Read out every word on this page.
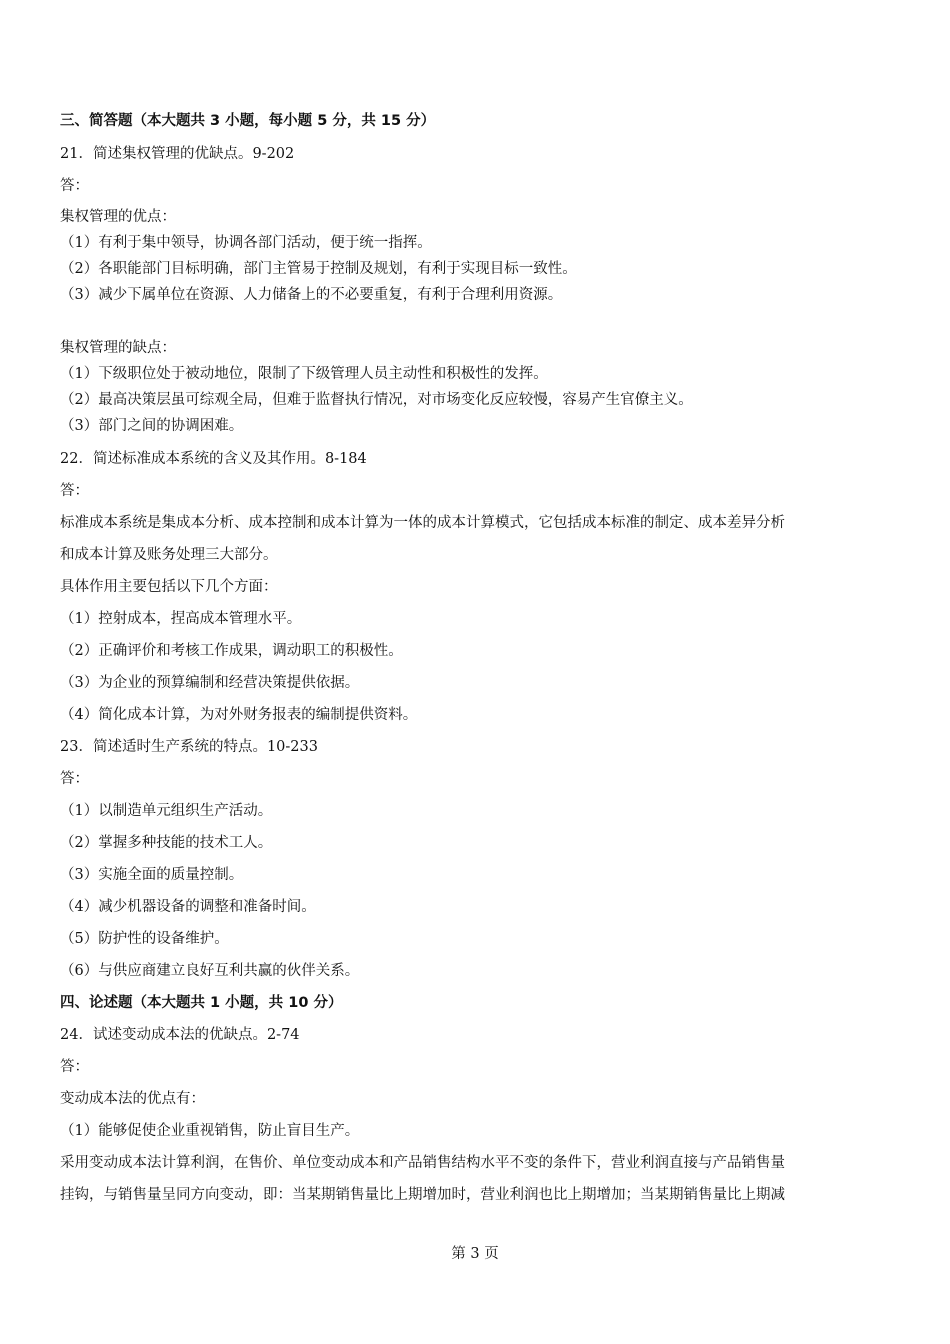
三、简答题（本大题共 3 小题，每小题 5 分，共 15 分）
21．简述集权管理的优缺点。9-202
答：
集权管理的优点：
（1）有利于集中领导，协调各部门活动，便于统一指挥。
（2）各职能部门目标明确，部门主管易于控制及规划，有利于实现目标一致性。
（3）减少下属单位在资源、人力储备上的不必要重复，有利于合理利用资源。
集权管理的缺点：
（1）下级职位处于被动地位，限制了下级管理人员主动性和积极性的发挥。
（2）最高决策层虽可综观全局，但难于监督执行情况，对市场变化反应较慢，容易产生官僚主义。
（3）部门之间的协调困难。
22．简述标准成本系统的含义及其作用。8-184
答：
标准成本系统是集成本分析、成本控制和成本计算为一体的成本计算模式，它包括成本标准的制定、成本差异分析
和成本计算及账务处理三大部分。
具体作用主要包括以下几个方面：
（1）控射成本，捏高成本管理水平。
（2）正确评价和考核工作成果，调动职工的积极性。
（3）为企业的预算编制和经营决策提供依据。
（4）简化成本计算，为对外财务报表的编制提供资料。
23．简述适时生产系统的特点。10-233
答：
（1）以制造单元组织生产活动。
（2）掌握多种技能的技术工人。
（3）实施全面的质量控制。
（4）减少机器设备的调整和准备时间。
（5）防护性的设备维护。
（6）与供应商建立良好互利共赢的伙伴关系。
四、论述题（本大题共 1 小题，共 10 分）
24．试述变动成本法的优缺点。2-74
答：
变动成本法的优点有：
（1）能够促使企业重视销售，防止盲目生产。
采用变动成本法计算利润，在售价、单位变动成本和产品销售结构水平不变的条件下，营业利润直接与产品销售量
挂钩，与销售量呈同方向变动，即：当某期销售量比上期增加时，营业利润也比上期增加；当某期销售量比上期减
第 3 页
